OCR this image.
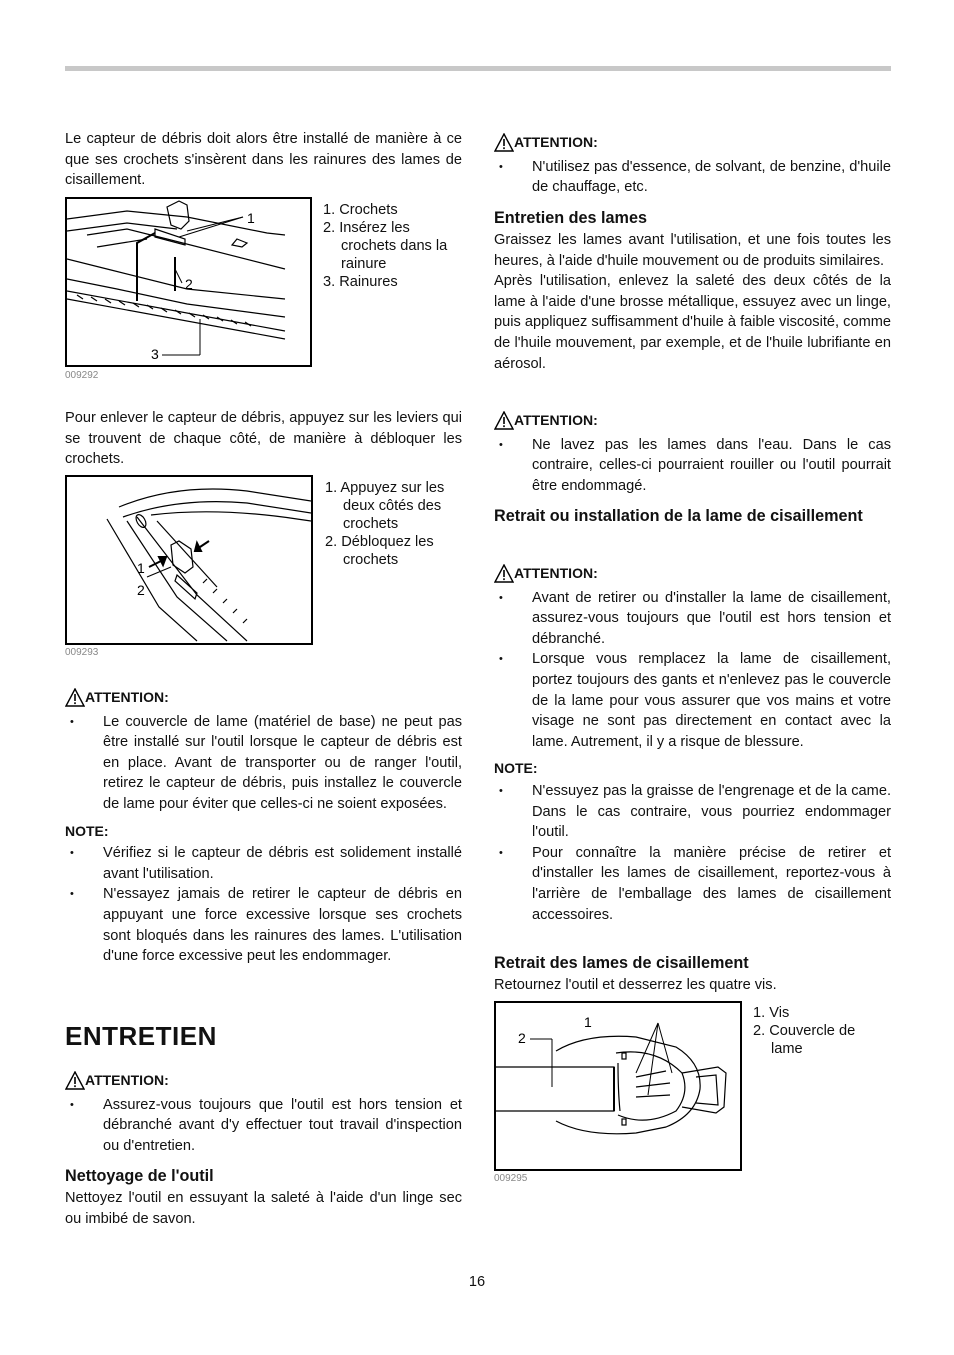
Le capteur de débris doit alors être installé de manière à ce que ses crochets s'insèrent dans les rainures des lames de cisaillement.

1
2
3
009292
1. Crochets
2. Insérez les crochets dans la rainure
3. Rainures

Pour enlever le capteur de débris, appuyez sur les leviers qui se trouvent de chaque côté, de manière à débloquer les crochets.

1
2
009293
1. Appuyez sur les deux côtés des crochets
2. Débloquez les crochets
ATTENTION:
• Le couvercle de lame (matériel de base) ne peut pas être installé sur l'outil lorsque le capteur de débris est en place. Avant de transporter ou de ranger l'outil, retirez le capteur de débris, puis installez le couvercle de lame pour éviter que celles-ci ne soient exposées.
NOTE:
• Vérifiez si le capteur de débris est solidement installé avant l'utilisation.
• N'essayez jamais de retirer le capteur de débris en appuyant une force excessive lorsque ses crochets sont bloqués dans les rainures des lames. L'utilisation d'une force excessive peut les endommager.
ENTRETIEN
ATTENTION:
• Assurez-vous toujours que l'outil est hors tension et débranché avant d'y effectuer tout travail d'inspection ou d'entretien.
Nettoyage de l'outil

Nettoyez l'outil en essuyant la saleté à l'aide d'un linge sec ou imbibé de savon.

ATTENTION:
• N'utilisez pas d'essence, de solvant, de benzine, d'huile de chauffage, etc.
Entretien des lames

Graissez les lames avant l'utilisation, et une fois toutes les heures, à l'aide d'huile mouvement ou de produits similaires.

Après l'utilisation, enlevez la saleté des deux côtés de la lame à l'aide d'une brosse métallique, essuyez avec un linge, puis appliquez suffisamment d'huile à faible viscosité, comme de l'huile mouvement, par exemple, et de l'huile lubrifiante en aérosol.

ATTENTION:
• Ne lavez pas les lames dans l'eau. Dans le cas contraire, celles-ci pourraient rouiller ou l'outil pourrait être endommagé.
Retrait ou installation de la lame de cisaillement
ATTENTION:
• Avant de retirer ou d'installer la lame de cisaillement, assurez-vous toujours que l'outil est hors tension et débranché.
• Lorsque vous remplacez la lame de cisaillement, portez toujours des gants et n'enlevez pas le couvercle de la lame pour vous assurer que vos mains et votre visage ne sont pas directement en contact avec la lame. Autrement, il y a risque de blessure.
NOTE:
• N'essuyez pas la graisse de l'engrenage et de la came. Dans le cas contraire, vous pourriez endommager l'outil.
• Pour connaître la manière précise de retirer et d'installer les lames de cisaillement, reportez-vous à l'arrière de l'emballage des lames de cisaillement accessoires.
Retrait des lames de cisaillement

Retournez l'outil et desserrez les quatre vis.

1
2
009295
1. Vis
2. Couvercle de lame
16
